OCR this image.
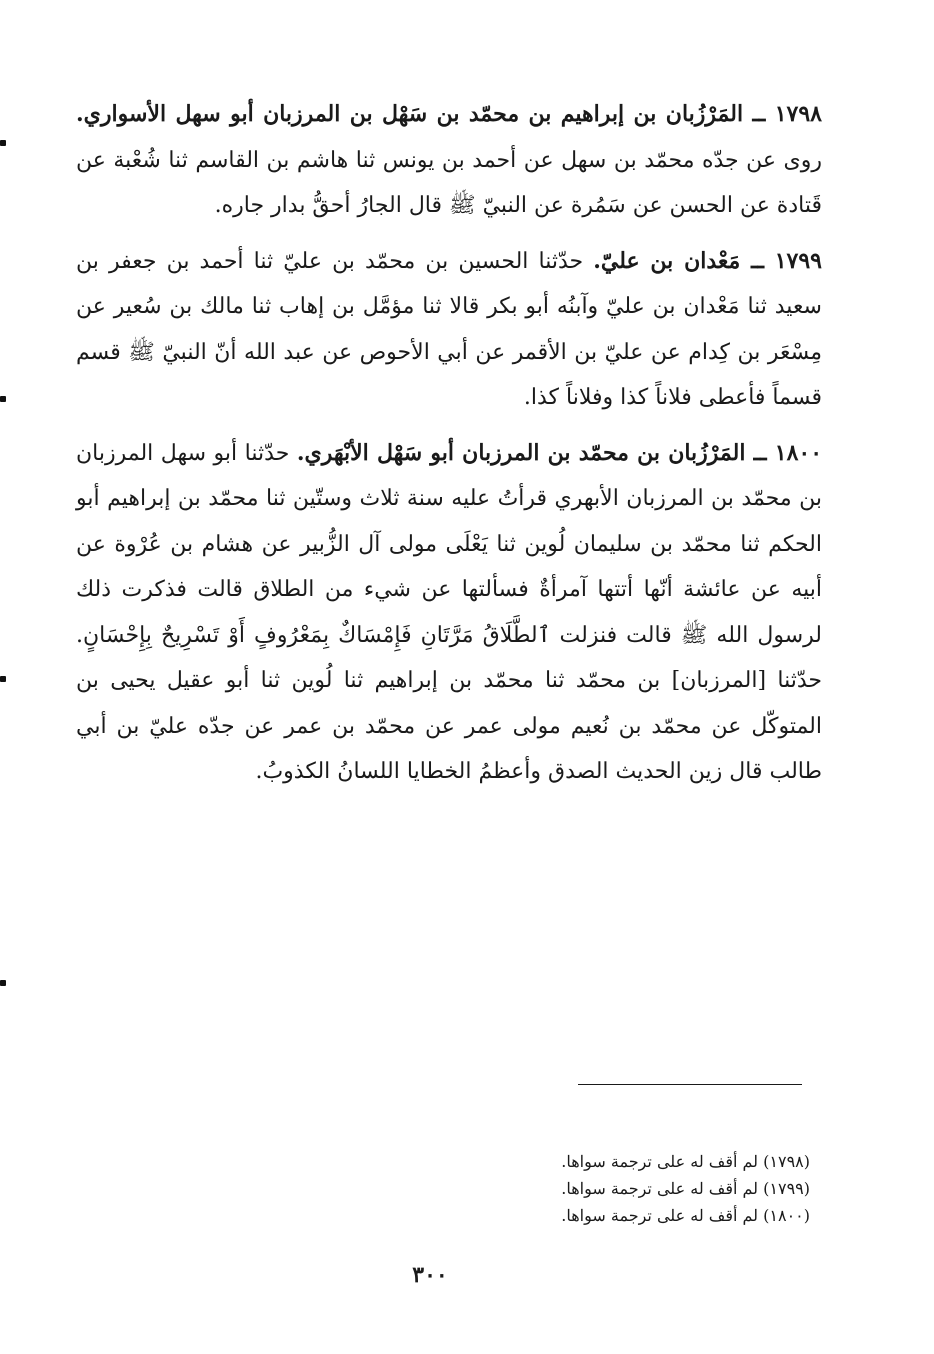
١٧٩٨ ــ المَرْزُبان بن إبراهيم بن محمّد بن سَهْل بن المرزبان أبو سهل الأسواري. روى عن جدّه محمّد بن سهل عن أحمد بن يونس ثنا هاشم بن القاسم ثنا شُعْبة عن قَتادة عن الحسن عن سَمُرة عن النبيّ ﷺ قال الجارُ أحقُّ بدار جاره.

١٧٩٩ ــ مَعْدان بن عليّ. حدّثنا الحسين بن محمّد بن عليّ ثنا أحمد بن جعفر بن سعيد ثنا مَعْدان بن عليّ وآبنُه أبو بكر قالا ثنا مؤمَّل بن إهاب ثنا مالك بن سُعير عن مِسْعَر بن كِدام عن عليّ بن الأقمر عن أبي الأحوص عن عبد الله أنّ النبيّ ﷺ قسم قسماً فأعطى فلاناً كذا وفلاناً كذا.

١٨٠٠ ــ المَرْزُبان بن محمّد بن المرزبان أبو سَهْل الأبْهَري. حدّثنا أبو سهل المرزبان بن محمّد بن المرزبان الأبهري قرأتُ عليه سنة ثلاث وستّين ثنا محمّد بن إبراهيم أبو الحكم ثنا محمّد بن سليمان لُوين ثنا يَعْلَى مولى آل الزُّبير عن هشام بن عُرْوة عن أبيه عن عائشة أنّها أتتها آمرأةٌ فسألتها عن شيء من الطلاق قالت فذكرت ذلك لرسول الله ﷺ قالت فنزلت ٱلطَّلَاقُ مَرَّتَانِ فَإِمْسَاكٌ بِمَعْرُوفٍ أَوْ تَسْرِيحٌ بِإِحْسَانٍ. حدّثنا [المرزبان] بن محمّد ثنا محمّد بن إبراهيم ثنا لُوين ثنا أبو عقيل يحيى بن المتوكّل عن محمّد بن نُعيم مولى عمر عن محمّد بن عمر عن جدّه عليّ بن أبي طالب قال زين الحديث الصدق وأعظمُ الخطايا اللسانُ الكذوبُ.

(١٧٩٨) لم أقف له على ترجمة سواها.
(١٧٩٩) لم أقف له على ترجمة سواها.
(١٨٠٠) لم أقف له على ترجمة سواها.
٣٠٠
